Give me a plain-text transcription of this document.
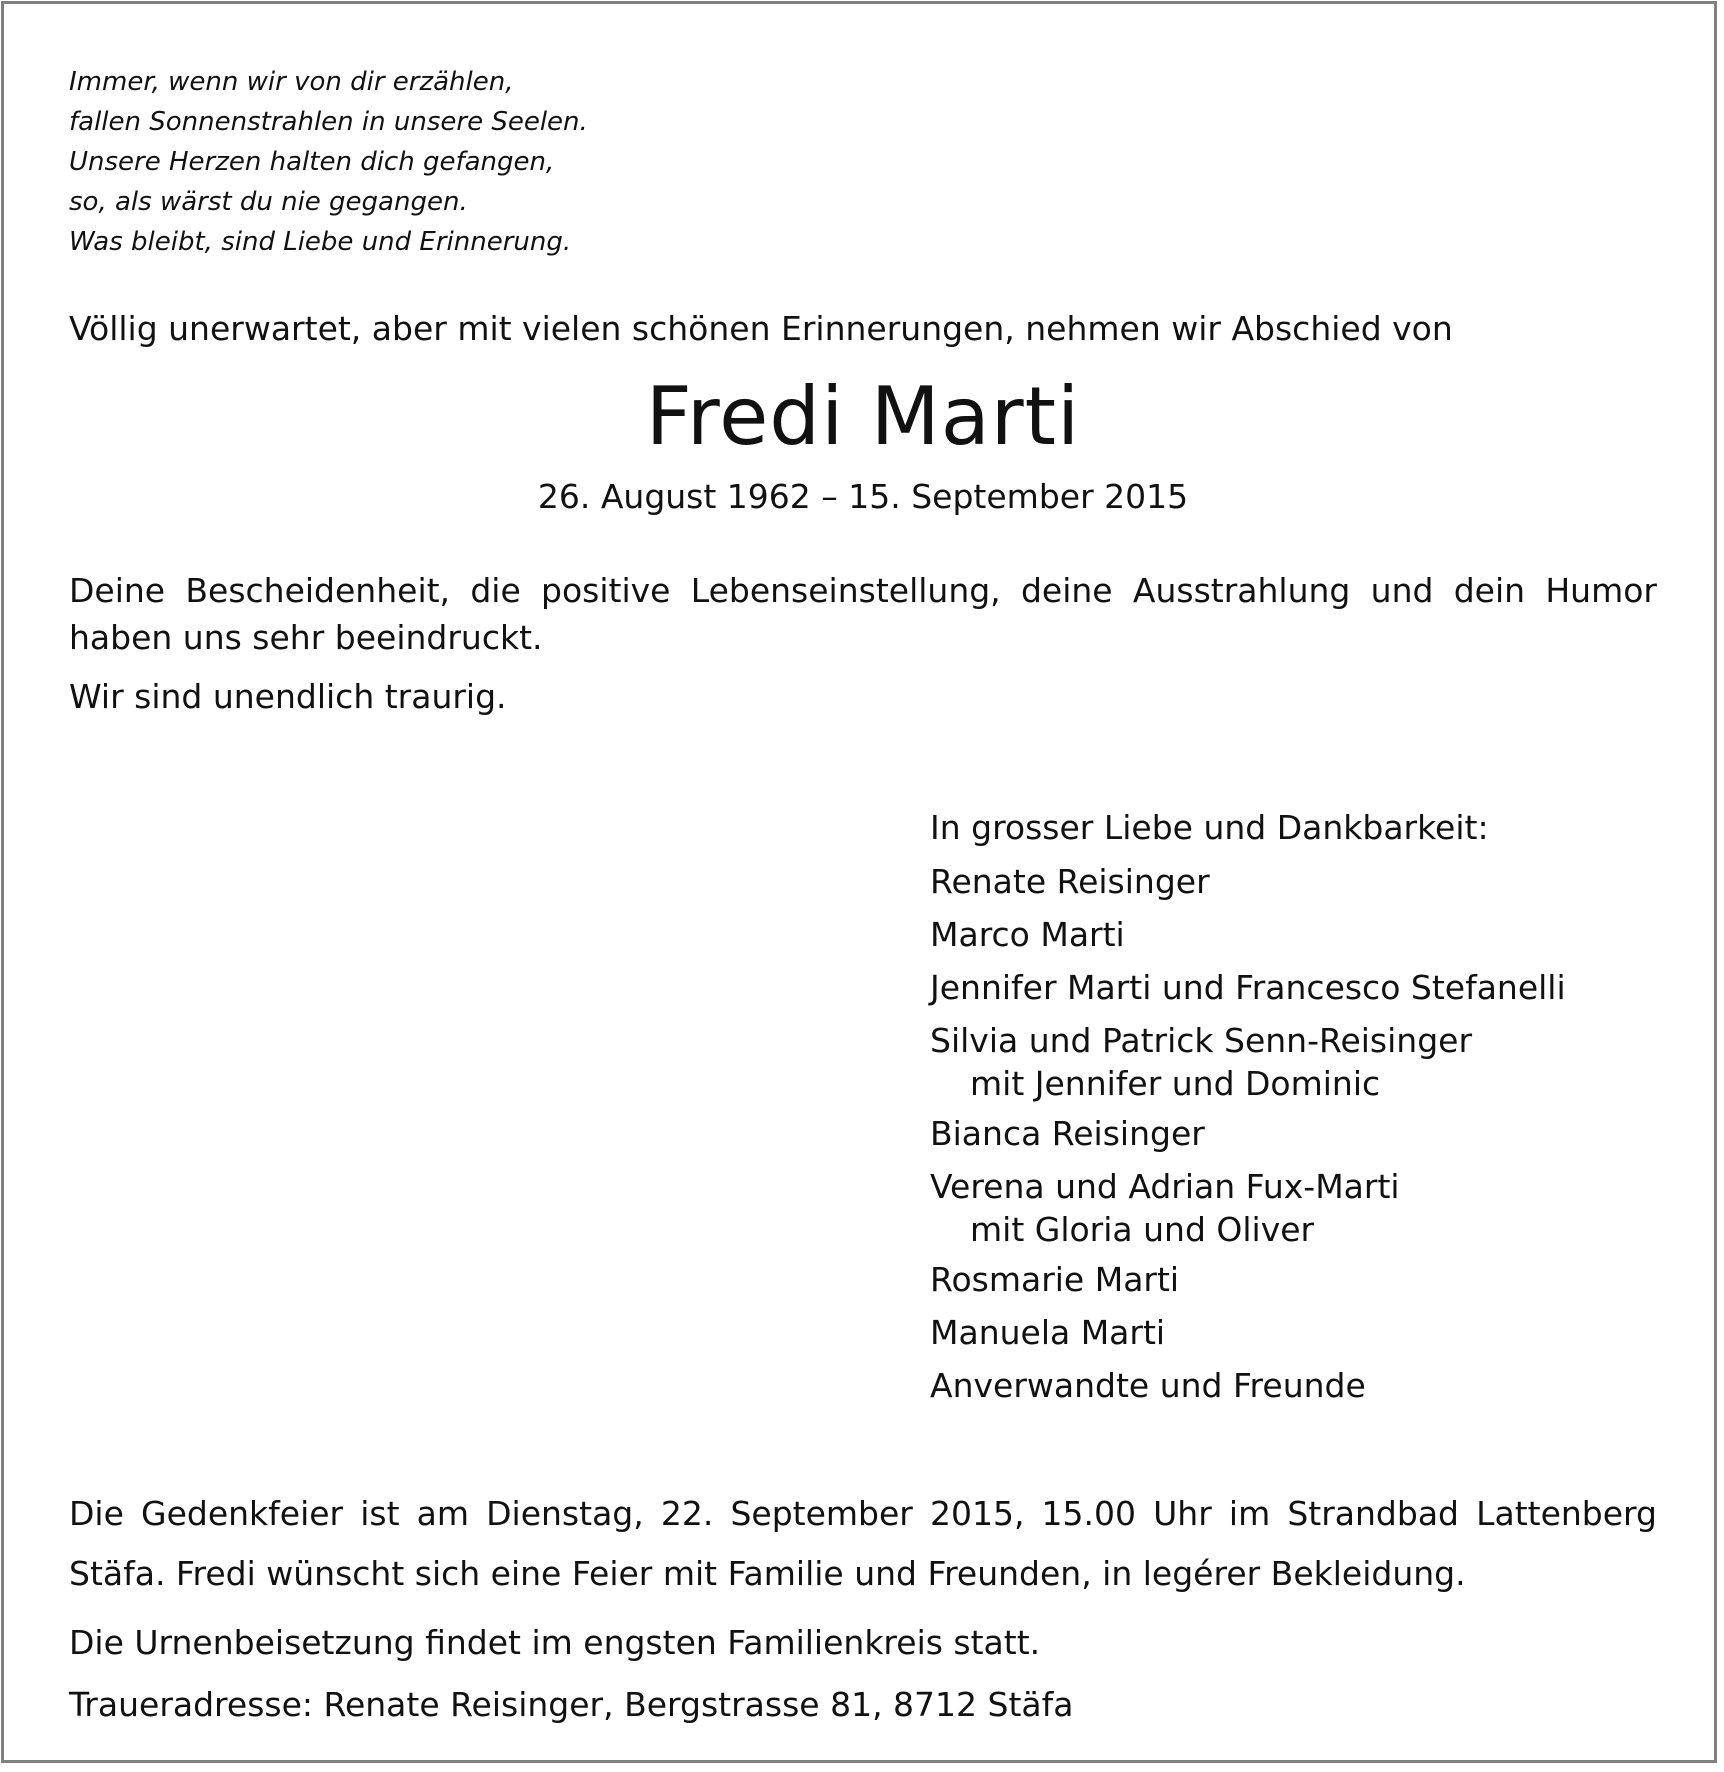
Immer, wenn wir von dir erzählen,
fallen Sonnenstrahlen in unsere Seelen.
Unsere Herzen halten dich gefangen,
so, als wärst du nie gegangen.
Was bleibt, sind Liebe und Erinnerung.
Völlig unerwartet, aber mit vielen schönen Erinnerungen, nehmen wir Abschied von
Fredi Marti
26. August 1962 – 15. September 2015
Deine Bescheidenheit, die positive Lebenseinstellung, deine Ausstrahlung und dein Humor haben uns sehr beeindruckt.
Wir sind unendlich traurig.
In grosser Liebe und Dankbarkeit:
Renate Reisinger
Marco Marti
Jennifer Marti und Francesco Stefanelli
Silvia und Patrick Senn-Reisinger
mit Jennifer und Dominic
Bianca Reisinger
Verena und Adrian Fux-Marti
mit Gloria und Oliver
Rosmarie Marti
Manuela Marti
Anverwandte und Freunde
Die Gedenkfeier ist am Dienstag, 22. September 2015, 15.00 Uhr im Strandbad Lattenberg Stäfa. Fredi wünscht sich eine Feier mit Familie und Freunden, in legérer Bekleidung.
Die Urnenbeisetzung findet im engsten Familienkreis statt.
Traueradresse: Renate Reisinger, Bergstrasse 81, 8712 Stäfa
